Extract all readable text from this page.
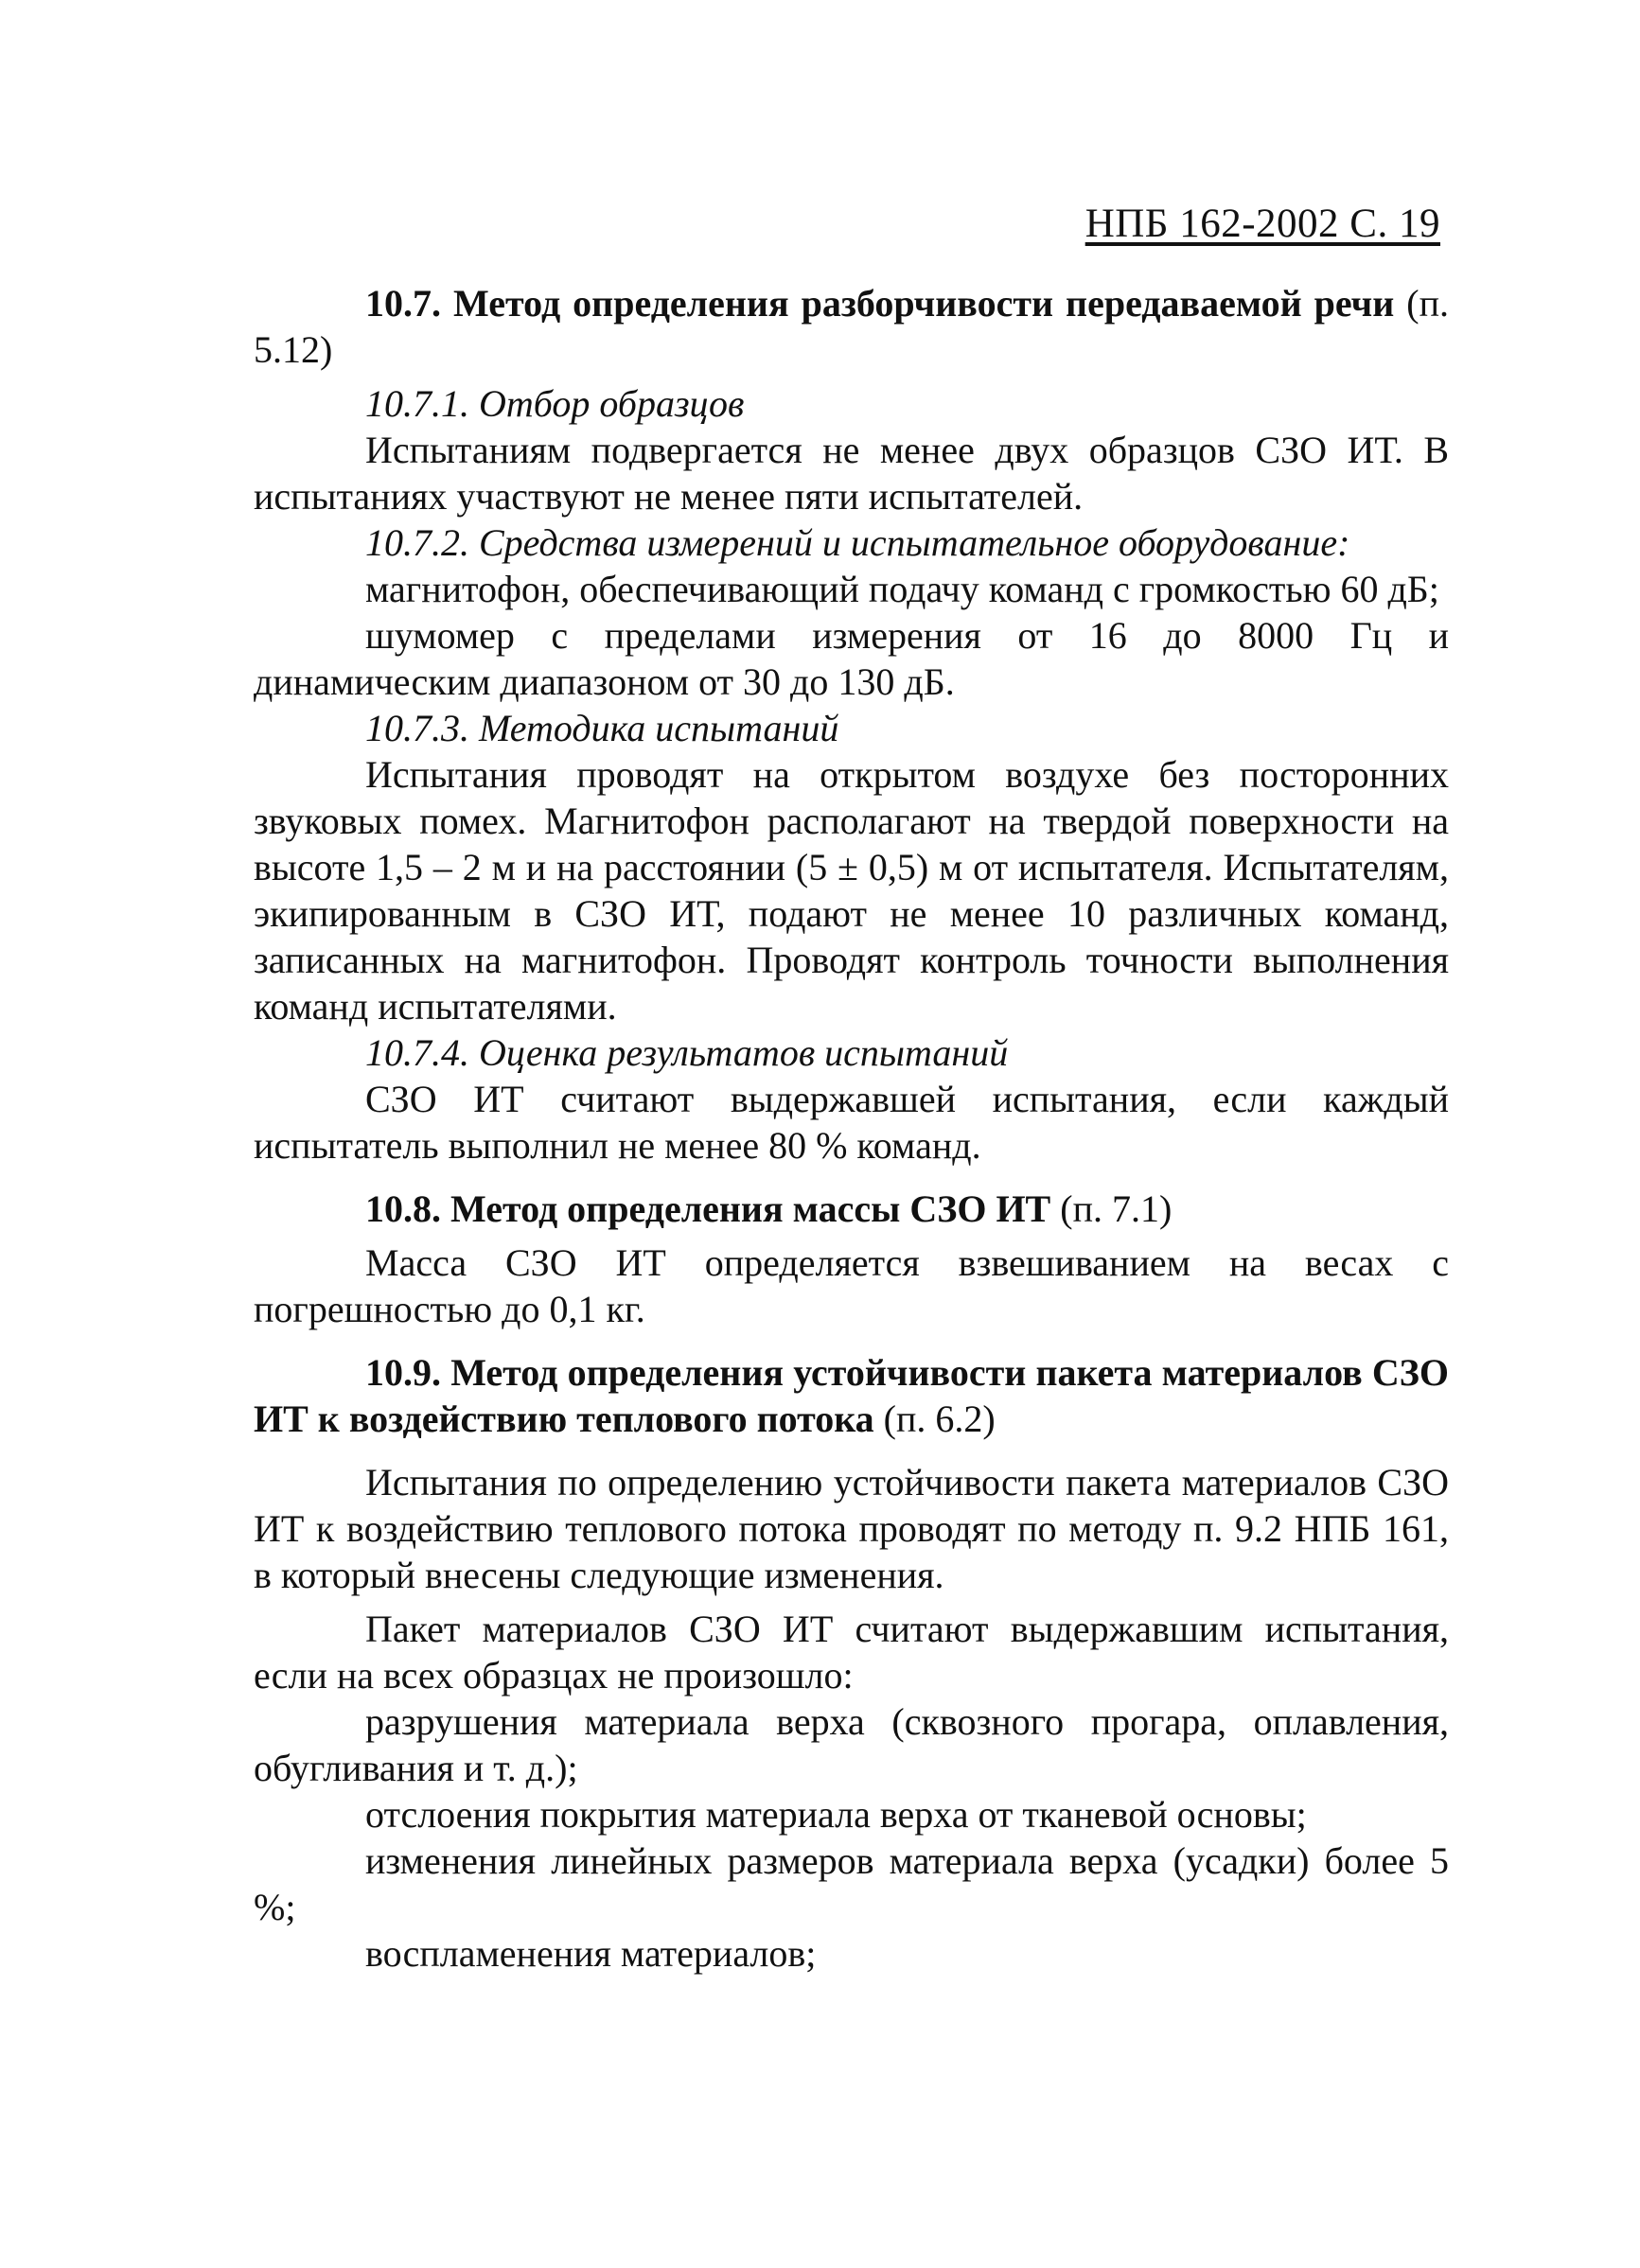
НПБ 162-2002 С. 19

10.7. Метод определения разборчивости передаваемой речи (п. 5.12)

10.7.1. Отбор образцов

Испытаниям подвергается не менее двух образцов СЗО ИТ. В испытаниях участвуют не менее пяти испытателей.

10.7.2. Средства измерений и испытательное оборудование:

магнитофон, обеспечивающий подачу команд с громкостью 60 дБ;

шумомер с пределами измерения от 16 до 8000 Гц и динамическим диапазоном от 30 до 130 дБ.

10.7.3. Методика испытаний

Испытания проводят на открытом воздухе без посторонних звуковых помех. Магнитофон располагают на твердой поверхности на высоте 1,5 – 2 м и на расстоянии (5 ± 0,5) м от испытателя. Испытателям, экипированным в СЗО ИТ, подают не менее 10 различных команд, записанных на магнитофон. Проводят контроль точности выполнения команд испытателями.

10.7.4. Оценка результатов испытаний

СЗО ИТ считают выдержавшей испытания, если каждый испытатель выполнил не менее 80 % команд.

10.8. Метод определения массы СЗО ИТ (п. 7.1)

Масса СЗО ИТ определяется взвешиванием на весах с погрешностью до 0,1 кг.

10.9. Метод определения устойчивости пакета материалов СЗО ИТ к воздействию теплового потока (п. 6.2)

Испытания по определению устойчивости пакета материалов СЗО ИТ к воздействию теплового потока проводят по методу п. 9.2 НПБ 161, в который внесены следующие изменения.

Пакет материалов СЗО ИТ считают выдержавшим испытания, если на всех образцах не произошло:

разрушения материала верха (сквозного прогара, оплавления, обугливания и т. д.);

отслоения покрытия материала верха от тканевой основы;

изменения линейных размеров материала верха (усадки) более 5 %;

воспламенения материалов;
